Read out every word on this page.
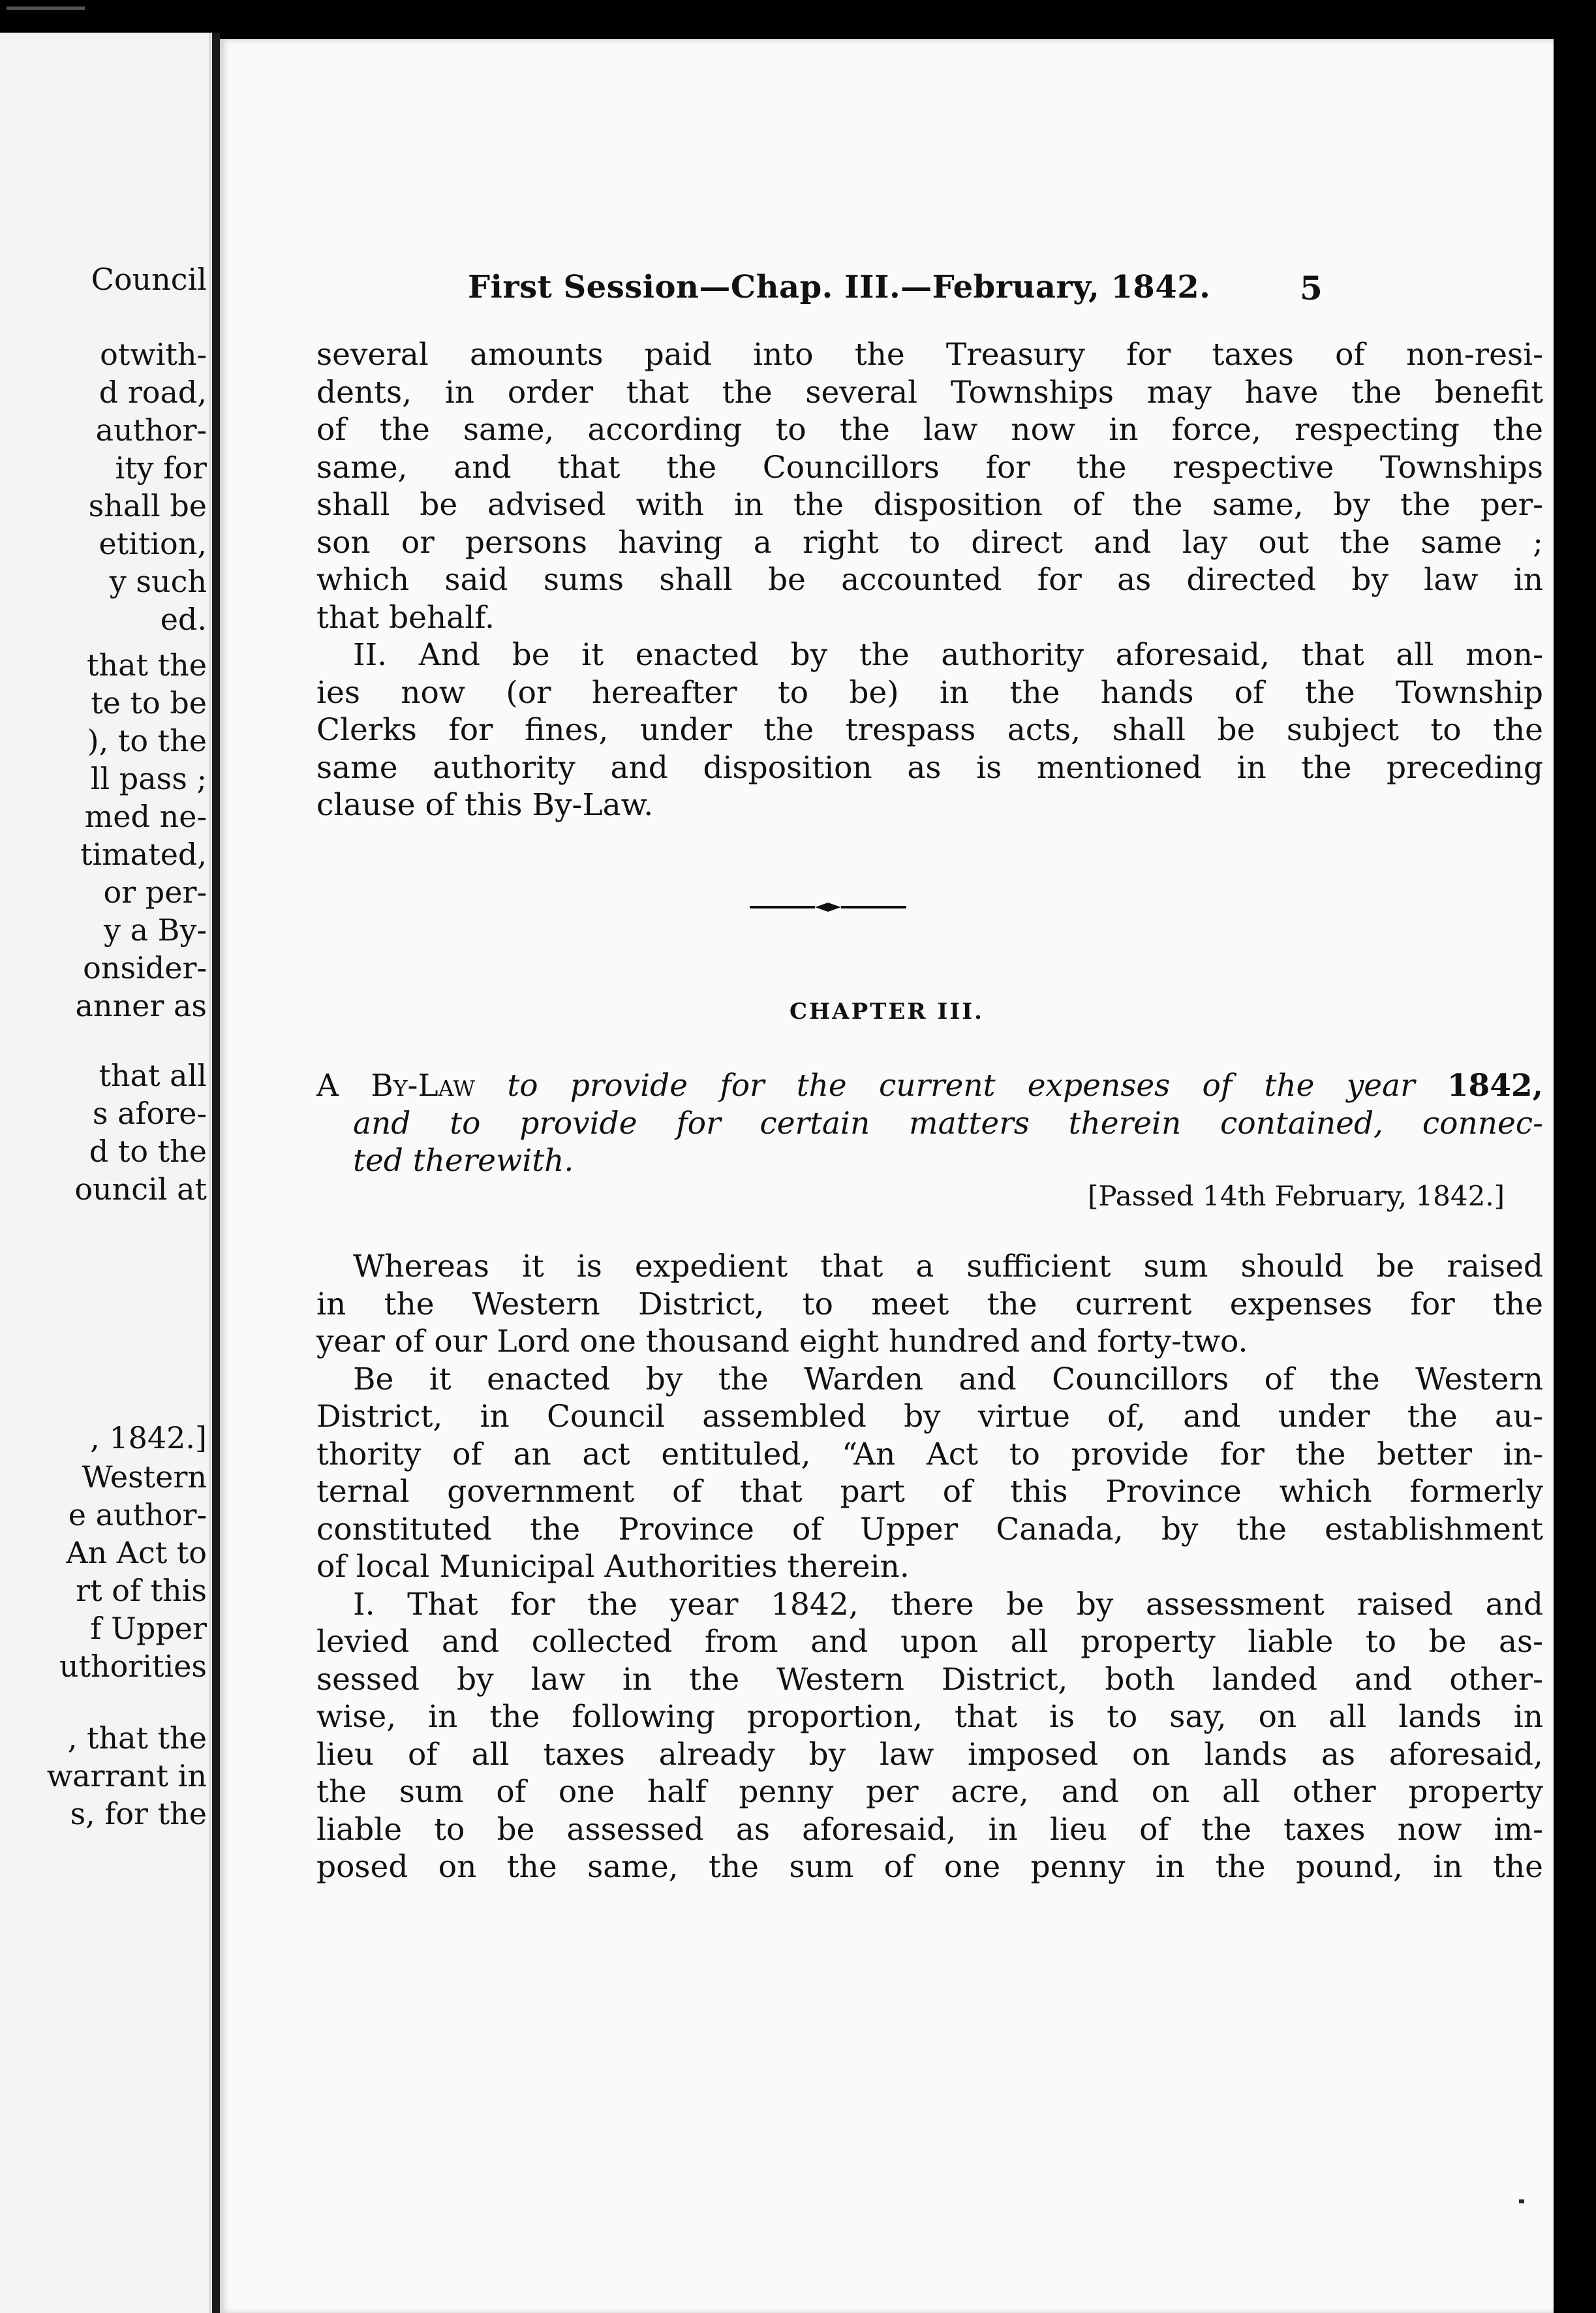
Council
otwith-
d road,
author-
ity for
shall be
etition,
y such
ed.
that the
te to be
), to the
ll pass ;
med ne-
timated,
or per-
y a By-
onsider-
anner as
that all
s afore-
d to the
ouncil at
, 1842.]
Western
e author-
An Act to
rt of this
f Upper
uthorities
, that the
warrant in
s, for the
First Session—Chap. III.—February, 1842.	5
several amounts paid into the Treasury for taxes of non-resi-
dents, in order that the several Townships may have the benefit
of the same, according to the law now in force, respecting the
same, and that the Councillors for the respective Townships
shall be advised with in the disposition of the same, by the per-
son or persons having a right to direct and lay out the same ;
which said sums shall be accounted for as directed by law in
that behalf.
II. And be it enacted by the authority aforesaid, that all mon-
ies now (or hereafter to be) in the hands of the Township
Clerks for fines, under the trespass acts, shall be subject to the
same authority and disposition as is mentioned in the preceding
clause of this By-Law.
CHAPTER III.
A By-Law to provide for the current expenses of the year 1842,
and to provide for certain matters therein contained, connec-
ted therewith.
[Passed 14th February, 1842.]
Whereas it is expedient that a sufficient sum should be raised
in the Western District, to meet the current expenses for the
year of our Lord one thousand eight hundred and forty-two.
Be it enacted by the Warden and Councillors of the Western
District, in Council assembled by virtue of, and under the au-
thority of an act entituled, “An Act to provide for the better in-
ternal government of that part of this Province which formerly
constituted the Province of Upper Canada, by the establishment
of local Municipal Authorities therein.
I. That for the year 1842, there be by assessment raised and
levied and collected from and upon all property liable to be as-
sessed by law in the Western District, both landed and other-
wise, in the following proportion, that is to say, on all lands in
lieu of all taxes already by law imposed on lands as aforesaid,
the sum of one half penny per acre, and on all other property
liable to be assessed as aforesaid, in lieu of the taxes now im-
posed on the same, the sum of one penny in the pound, in the
